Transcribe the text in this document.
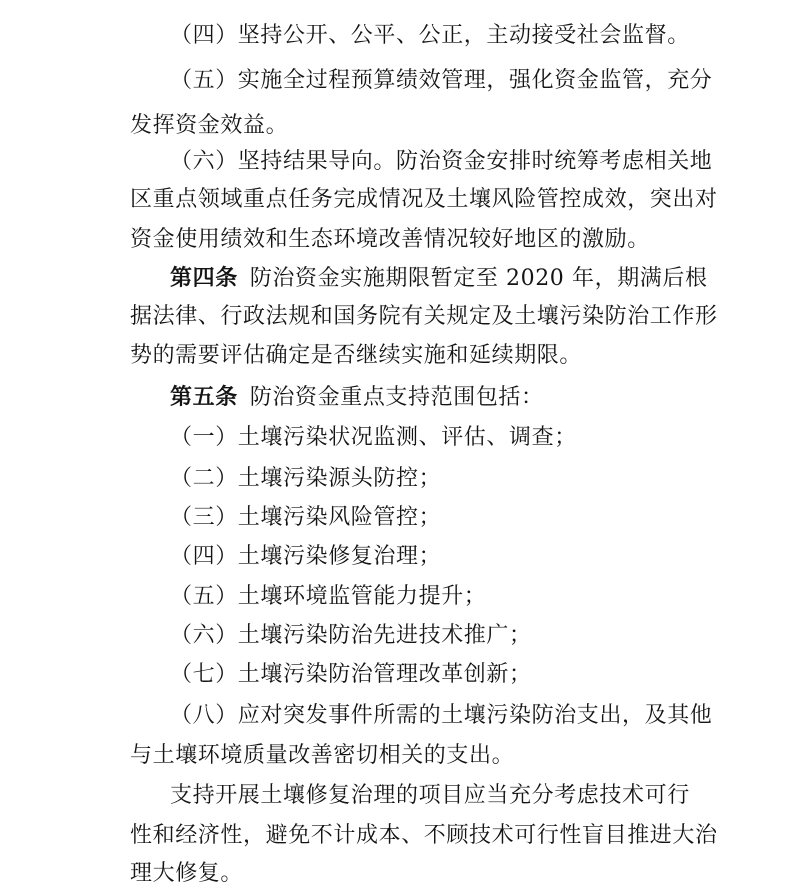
（四）坚持公开、公平、公正，主动接受社会监督。
（五）实施全过程预算绩效管理，强化资金监管，充分
发挥资金效益。
（六）坚持结果导向。防治资金安排时统筹考虑相关地
区重点领域重点任务完成情况及土壤风险管控成效，突出对
资金使用绩效和生态环境改善情况较好地区的激励。
第四条 防治资金实施期限暂定至 2020 年，期满后根
据法律、行政法规和国务院有关规定及土壤污染防治工作形
势的需要评估确定是否继续实施和延续期限。
第五条 防治资金重点支持范围包括：
（一）土壤污染状况监测、评估、调查；
（二）土壤污染源头防控；
（三）土壤污染风险管控；
（四）土壤污染修复治理；
（五）土壤环境监管能力提升；
（六）土壤污染防治先进技术推广；
（七）土壤污染防治管理改革创新；
（八）应对突发事件所需的土壤污染防治支出，及其他
与土壤环境质量改善密切相关的支出。
支持开展土壤修复治理的项目应当充分考虑技术可行
性和经济性，避免不计成本、不顾技术可行性盲目推进大治
理大修复。
